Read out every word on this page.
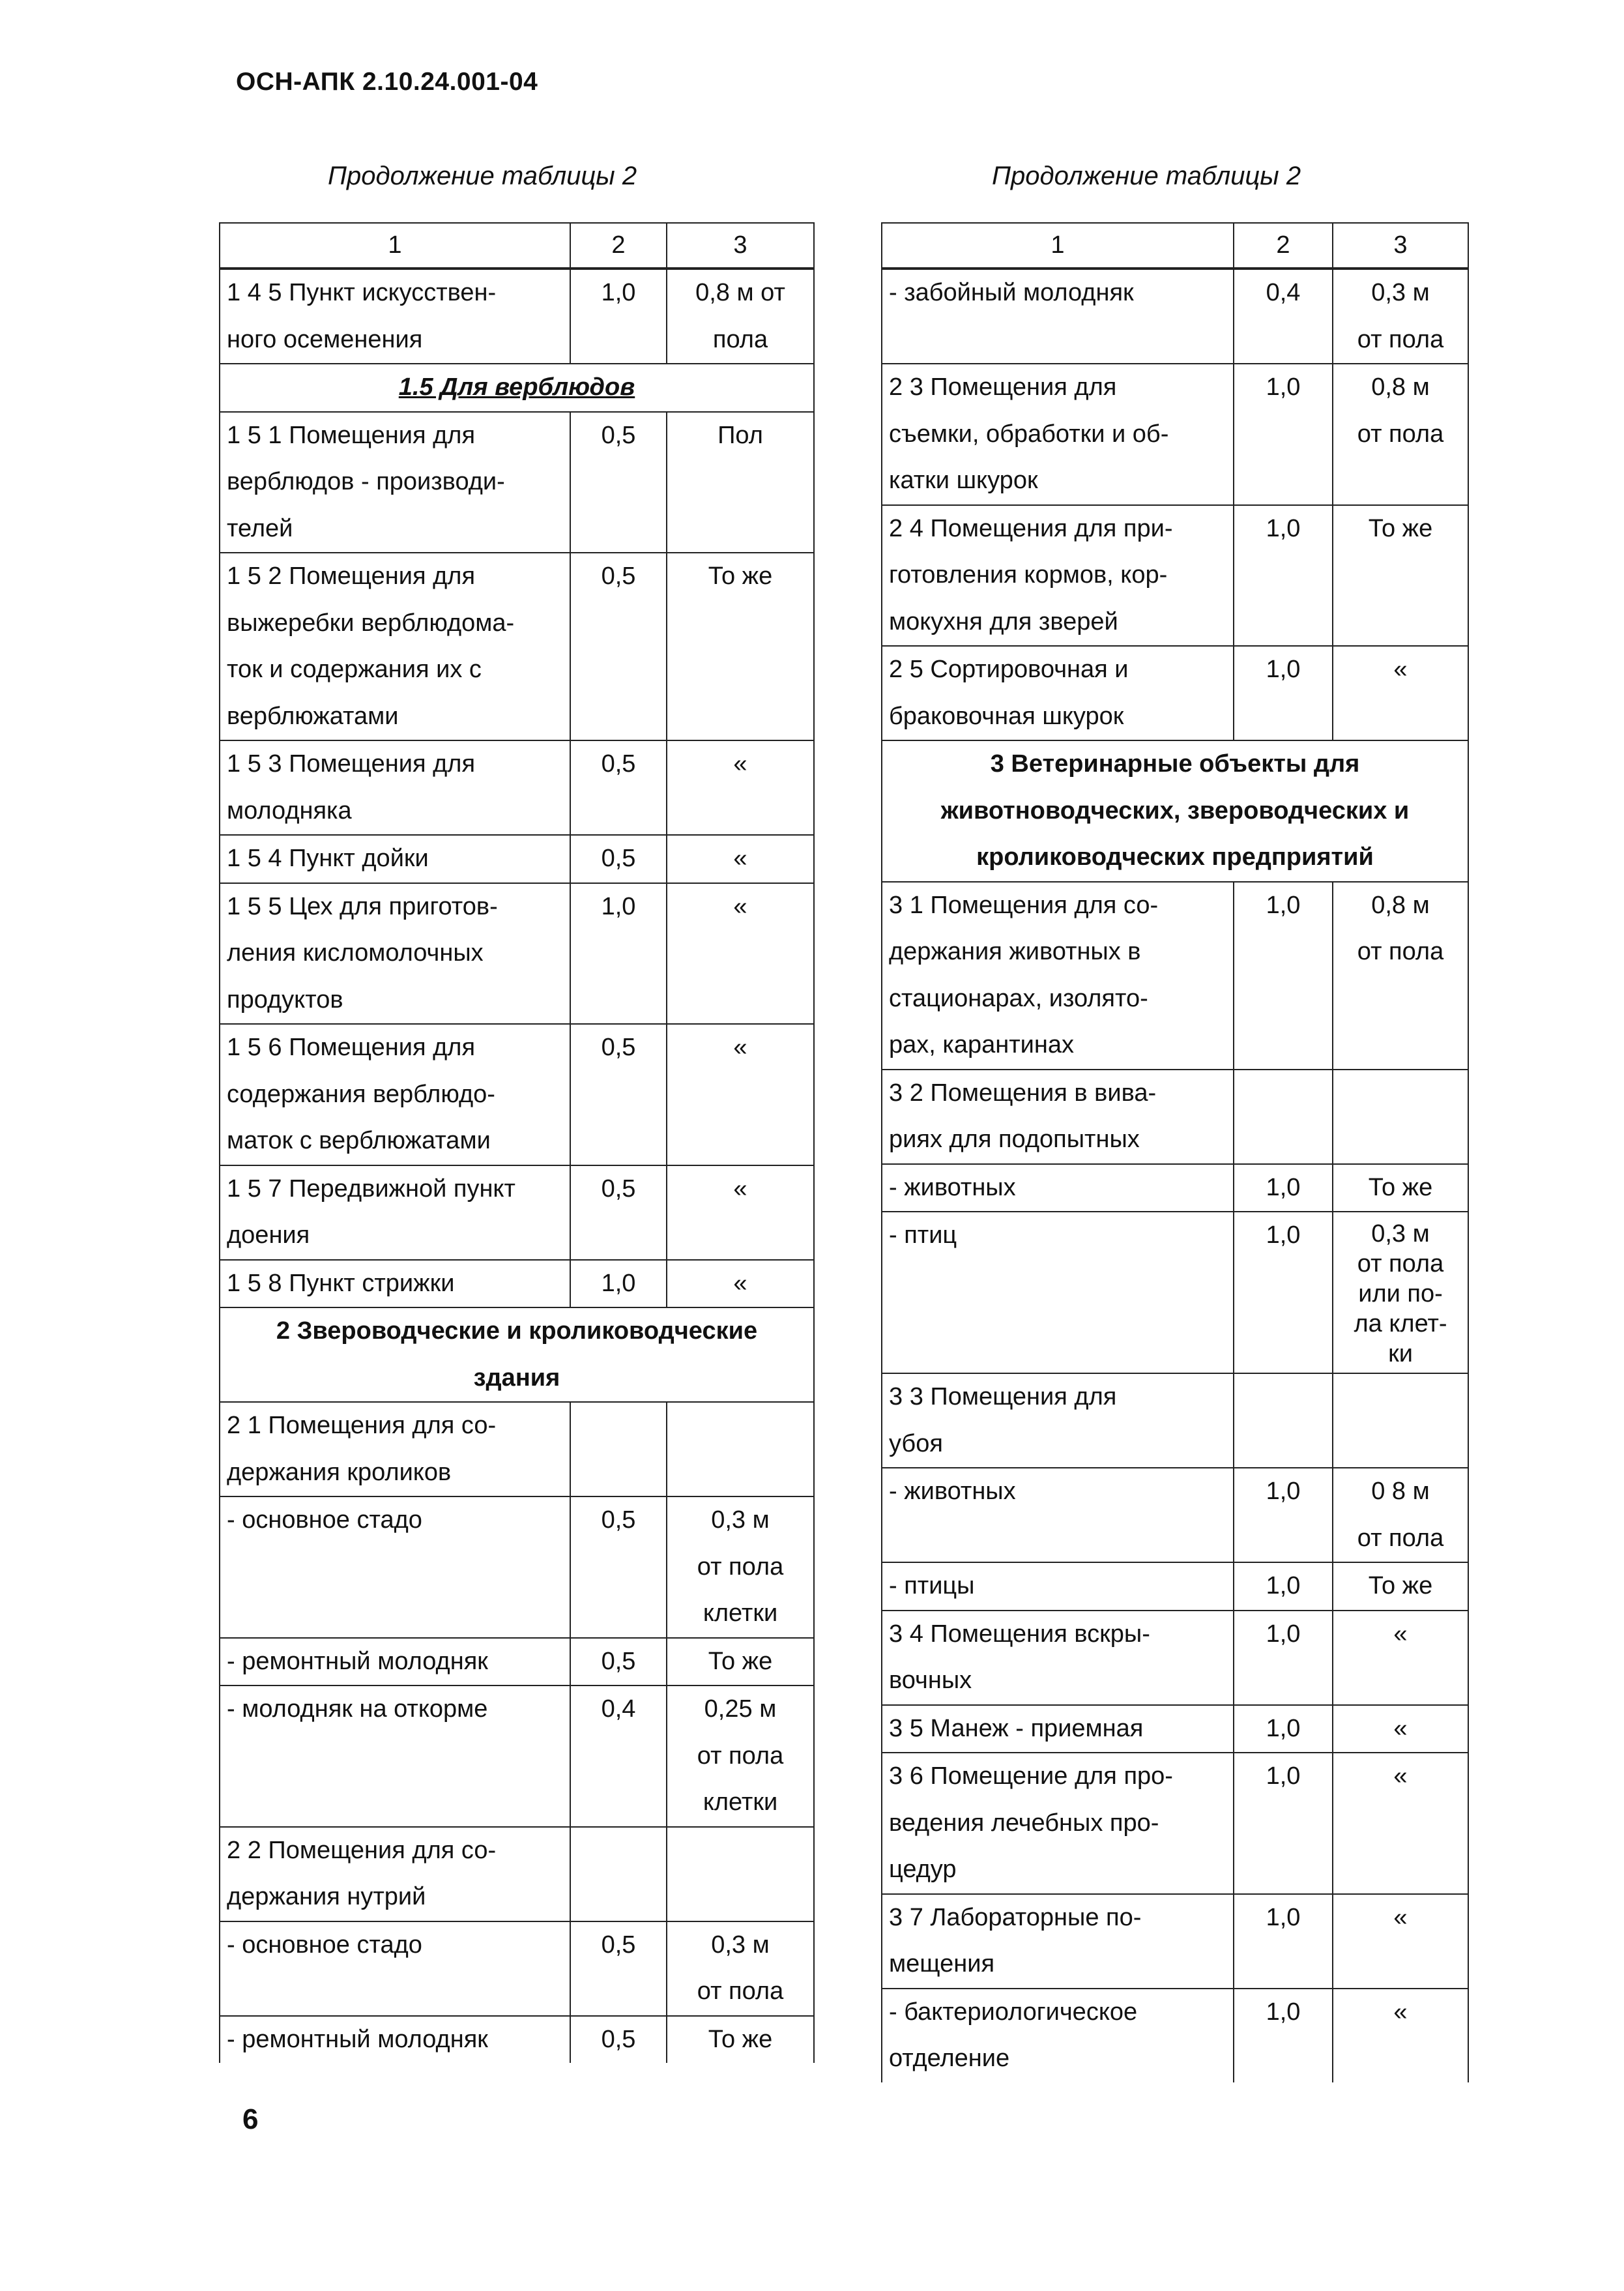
ОСН-АПК 2.10.24.001-04
Продолжение таблицы 2	Продолжение таблицы 2
1	2	3

1 4 5 Пункт искусствен-
ного осеменения	1,0	0,8 м от
пола

1.5 Для верблюдов		

1 5 1 Помещения для
верблюдов - производи-
телей	0,5	Пол

1 5 2 Помещения для
выжеребки верблюдома-
ток и содержания их с
верблюжатами	0,5	То же

1 5 3 Помещения для
молодняка	0,5	«

1 5 4 Пункт дойки	0,5	«

1 5 5 Цех для приготов-
ления кисломолочных
продуктов	1,0	«

1 5 6 Помещения для
содержания верблюдо-
маток с верблюжатами	0,5	«

1 5 7 Передвижной пункт
доения	0,5	«

1 5 8 Пункт стрижки	1,0	«

2 Звероводческие и кролиководческие
здания		

2 1 Помещения для со-
держания кроликов		

- основное стадо	0,5	0,3 м
от пола
клетки

- ремонтный молодняк	0,5	То же

- молодняк на откорме	0,4	0,25 м
от пола
клетки

2 2 Помещения для со-
держания нутрий		

- основное стадо	0,5	0,3 м
от пола

- ремонтный молодняк	0,5	То же
1	2	3

- забойный молодняк	0,4	0,3 м
от пола

2 3 Помещения для
съемки, обработки и об-
катки шкурок	1,0	0,8 м
от пола

2 4 Помещения для при-
готовления кормов, кор-
мокухня для зверей	1,0	То же

2 5 Сортировочная и
браковочная шкурок	1,0	«

3 Ветеринарные объекты для
животноводческих, звероводческих и
кролиководческих предприятий		

3 1 Помещения для со-
держания животных в
стационарах, изолято-
рах, карантинах	1,0	0,8 м
от пола

3 2 Помещения в вива-
риях для подопытных		

- животных	1,0	То же

- птиц	1,0	0,3 м
от пола
или по-
ла клет-
ки

3 3 Помещения для
убоя		

- животных	1,0	0 8 м
от пола

- птицы	1,0	То же

3 4 Помещения вскры-
вочных	1,0	«

3 5 Манеж - приемная	1,0	«

3 6 Помещение для про-
ведения лечебных про-
цедур	1,0	«

3 7 Лабораторные по-
мещения	1,0	«

- бактериологическое
отделение	1,0	«
6
